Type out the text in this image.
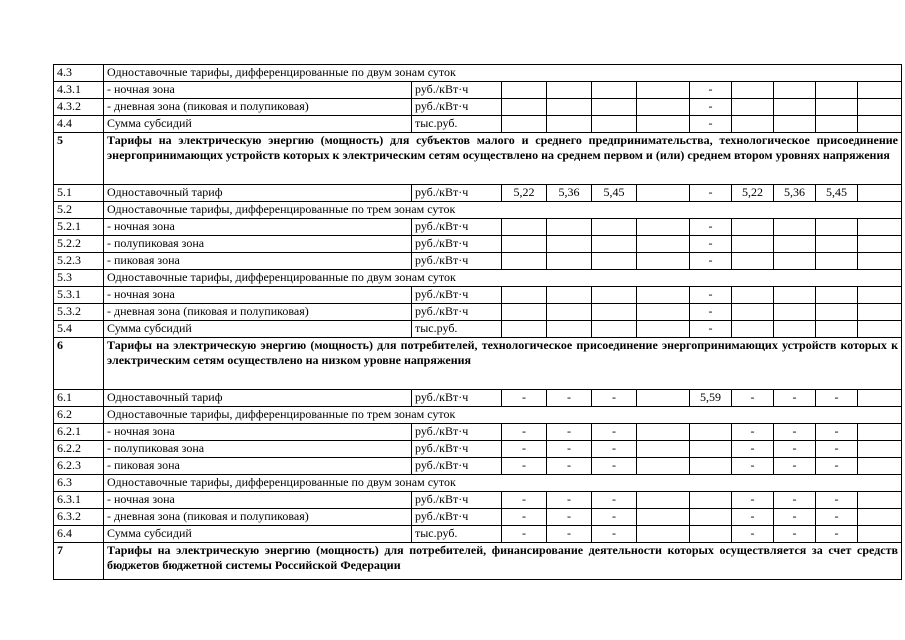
4.3	Одноставочные тарифы, дифференцированные по двум зонам суток											
4.3.1	- ночная зона	руб./кВт·ч					-					
4.3.2	- дневная зона (пиковая и полупиковая)	руб./кВт·ч					-					
4.4	Сумма субсидий	тыс.руб.					-					
5	Тарифы на электрическую энергию (мощность) для субъектов малого и среднего предпринимательства, технологическое присоединение энергопринимающих устройств которых к электрическим сетям осуществлено на среднем первом и (или) среднем втором уровнях напряжения											
5.1	Одноставочный тариф	руб./кВт·ч	5,22	5,36	5,45		-	5,22	5,36	5,45		
5.2	Одноставочные тарифы, дифференцированные по трем зонам суток											
5.2.1	- ночная зона	руб./кВт·ч					-					
5.2.2	- полупиковая зона	руб./кВт·ч					-					
5.2.3	- пиковая зона	руб./кВт·ч					-					
5.3	Одноставочные тарифы, дифференцированные по двум зонам суток											
5.3.1	- ночная зона	руб./кВт·ч					-					
5.3.2	- дневная зона (пиковая и полупиковая)	руб./кВт·ч					-					
5.4	Сумма субсидий	тыс.руб.					-					
6	Тарифы на электрическую энергию (мощность) для потребителей, технологическое присоединение энергопринимающих устройств которых к электрическим сетям осуществлено на низком уровне напряжения											
6.1	Одноставочный тариф	руб./кВт·ч	-	-	-		5,59	-	-	-		
6.2	Одноставочные тарифы, дифференцированные по трем зонам суток											
6.2.1	- ночная зона	руб./кВт·ч	-	-	-			-	-	-		
6.2.2	- полупиковая зона	руб./кВт·ч	-	-	-			-	-	-		
6.2.3	- пиковая зона	руб./кВт·ч	-	-	-			-	-	-		
6.3	Одноставочные тарифы, дифференцированные по двум зонам суток											
6.3.1	- ночная зона	руб./кВт·ч	-	-	-			-	-	-		
6.3.2	- дневная зона (пиковая и полупиковая)	руб./кВт·ч	-	-	-			-	-	-		
6.4	Сумма субсидий	тыс.руб.	-	-	-			-	-	-		
7	Тарифы на электрическую энергию (мощность) для потребителей, финансирование деятельности которых осуществляется за счет средств бюджетов бюджетной системы Российской Федерации											
